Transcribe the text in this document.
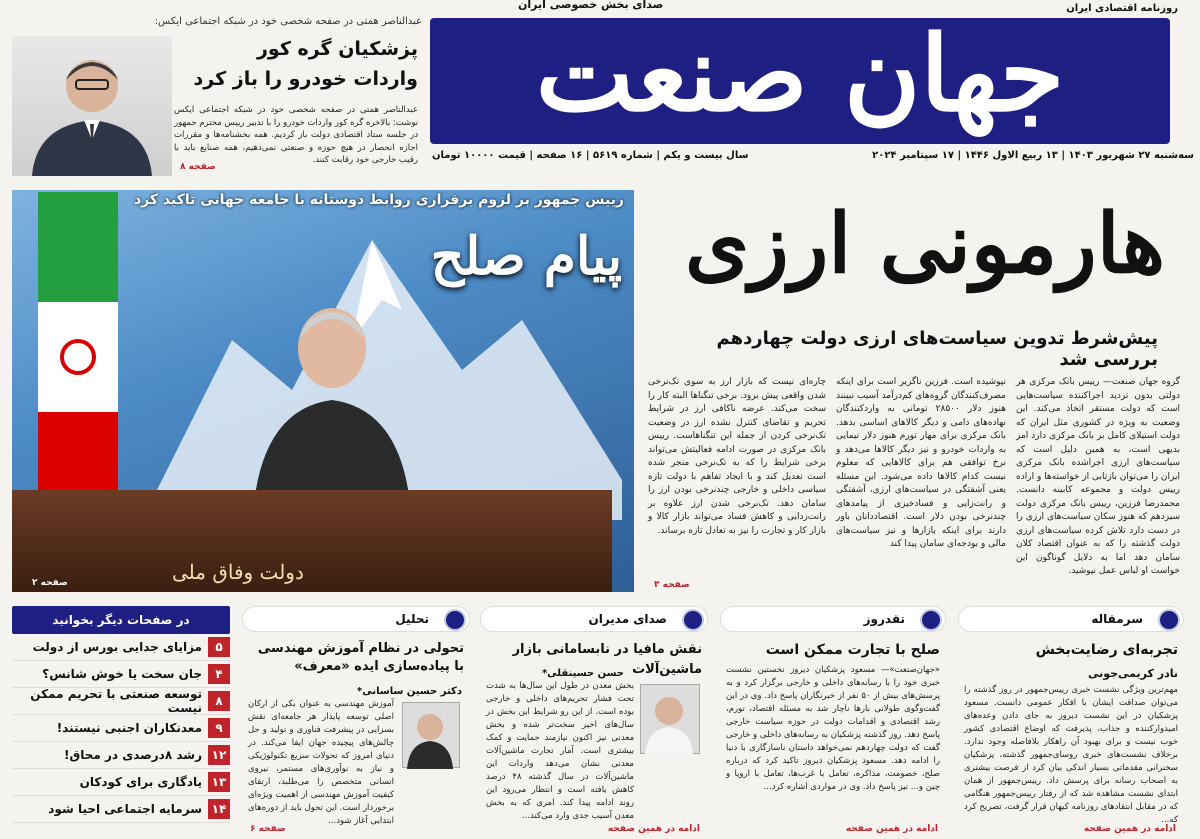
روزنامه اقتصادی ایران
صدای بخش خصوصی ایران
جهان صنعت
سه‌شنبه ۲۷ شهریور ۱۴۰۳ | ۱۳ ربیع الاول ۱۴۴۶ | ۱۷ سپتامبر ۲۰۲۴
سال بیست و یکم | شماره ۵۶۱۹ | ۱۶ صفحه | قیمت ۱۰۰۰۰ تومان
عبدالناصر همتی در صفحه شخصی خود در شبکه اجتماعی ایکس:
پزشکیان گره کور
واردات خودرو را باز کرد
عبدالناصر همتی در صفحه شخصی خود در شبکه اجتماعی ایکس نوشت: بالاخره گره کور واردات خودرو را با تدبیر رییس محترم جمهور در جلسه ستاد اقتصادی دولت باز کردیم. همه بخشنامه‌ها و مقررات اجازه انحصار در هیچ حوزه و صنعتی نمی‌دهیم، همه صنایع باید با رقیب خارجی خود رقابت کنند.
صفحه ۸
رییس جمهور بر لزوم برقراری روابط دوستانه با جامعه جهانی تاکید کرد
پیام صلح
دولت وفاق ملی
صفحه ۲
هارمونی ارزی
پیش‌شرط تدوین سیاست‌های ارزی دولت چهاردهم بررسی شد
گروه جهان صنعت— رییس بانک مرکزی هر دولتی بدون تردید اجراکننده سیاست‌هایی است که دولت مستقر اتخاذ می‌کند. این وضعیت به ویژه در کشوری مثل ایران که دولت استیلای کامل بر بانک مرکزی دارد امر بدیهی است، به همین دلیل است که سیاست‌های ارزی اجراشده بانک مرکزی ایران را می‌توان بازتابی از خواسته‌ها و اراده رییس دولت و مجموعه کابینه دانست. محمدرضا فرزین، رییس بانک مرکزی دولت سیزدهم که هنوز سکان سیاست‌های ارزی را در دست دارد تلاش کرده سیاست‌های ارزی دولت گذشته را که به عنوان اقتصاد کلان سامان دهد اما به دلایل گوناگون این خواست او لباس عمل نپوشید.
نپوشیده است. فرزین ناگزیر است برای اینکه مصرف‌کنندگان گروه‌های کم‌درآمد آسیب نبینند هنوز دلار ۲۸۵۰۰ تومانی به واردکنندگان نهاده‌های دامی و دیگر کالاهای اساسی بدهد. بانک مرکزی برای مهار تورم هنوز دلار نیمایی به واردات خودرو و نیز دیگر کالاها می‌دهد و نرخ توافقی هم برای کالاهایی که معلوم نیست کدام کالاها داده می‌شود. این مسئله یعنی آشفتگی در سیاست‌های ارزی، آشفتگی و رانت‌زایی و فسادخیزی از پیامدهای چندنرخی بودن دلار است. اقتصاددانان باور دارند برای اینکه بازارها و نیز سیاست‌های مالی و بودجه‌ای سامان پیدا کند
چاره‌ای نیست که بازار ارز به سوی تک‌نرخی شدن واقعی پیش برود. برخی تنگناها البته کار را سخت می‌کند. عرضه ناکافی ارز در شرایط تحریم و تقاضای کنترل نشده ارز در وضعیت تک‌نرخی کردن از جمله این تنگناهاست. رییس بانک مرکزی در صورت ادامه فعالیتش می‌تواند برخی شرایط را که به تک‌نرخی منجر شده است تعدیل کند و با ایجاد تفاهم با دولت تازه سیاسی داخلی و خارجی چندنرخی بودن ارز را سامان دهد. تک‌نرخی شدن ارز علاوه بر رانت‌زدایی و کاهش فساد می‌تواند بازار کالا و بازار کار و تجارت را نیز به تعادل تازه برساند.
صفحه ۳
سرمقاله
تجربه‌ای رضایت‌بخش
نادر کریمی‌جونی
مهم‌ترین ویژگی نشست خبری رییس‌جمهور در روز گذشته را می‌توان صداقت ایشان با افکار عمومی دانست. مسعود پزشکیان در این نشست دیروز به جای دادن وعده‌های امیدوارکننده و جذاب، پذیرفت که اوضاع اقتصادی کشور خوب نیست و برای بهبود آن راهکار بلافاصله وجود ندارد. برخلاف نشست‌های خبری روسای‌جمهور گذشته، پزشکیان سخنرانی مقدماتی بسیار اندکی بیان کرد از فرصت بیشتری به اصحاب رسانه برای پرسش داد. رییس‌جمهور از همان ابتدای نشست مشاهده شد که از رفتار رییس‌جمهور هنگامی که در مقابل انتقادهای روزنامه کیهان قرار گرفت، تصریح کرد که...
ادامه در همین صفحه
تقدروز
صلح با تجارت ممکن است
«جهان‌صنعت»— مسعود پزشکیان دیروز نخستین نشست خبری خود را با رسانه‌های داخلی و خارجی برگزار کرد و به پرسش‌های بیش از ۵۰ نفر از خبرنگاران پاسخ داد. وی در این گفت‌وگوی طولانی بارها ناچار شد به مسئله اقتصاد، تورم، رشد اقتصادی و اقدامات دولت در حوزه سیاست خارجی پاسخ دهد. روز گذشته پزشکیان به رسانه‌های داخلی و خارجی گفت که دولت چهاردهم نمی‌خواهد داستان ناسازگاری با دنیا را ادامه دهد. مسعود پزشکیان دیروز تاکید کرد که درباره صلح، خصومت، مذاکره، تعامل با غرب‌ها، تعامل با اروپا و چین و... نیز پاسخ داد. وی در مواردی اشاره کرد...
ادامه در همین صفحه
صدای مدیران
نقش مافیا در نابسامانی بازار ماشین‌آلات
حسن حسینقلی*
بخش معدن در طول این سال‌ها به شدت تحت فشار تحریم‌های داخلی و خارجی بوده است. از این رو شرایط این بخش در سال‌های اخیر سخت‌تر شده و بخش معدنی نیز اکنون نیازمند حمایت و کمک بیشتری است. آمار تجارت ماشین‌آلات معدنی نشان می‌دهد واردات این ماشین‌آلات در سال گذشته ۴۸ درصد کاهش یافته است و انتظار می‌رود این روند ادامه پیدا کند. امری که به بخش معدن آسیب جدی وارد می‌کند...
ادامه در همین صفحه
تحلیل
تحولی در نظام آموزش مهندسی با پیاده‌سازی ایده «معرف»
دکتر حسین ساسانی*
آموزش مهندسی به عنوان یکی از ارکان اصلی توسعه پایدار هر جامعه‌ای نقش بسزایی در پیشرفت فناوری و تولید و حل چالش‌های پیچیده جهان ایفا می‌کند. در دنیای امروز که تحولات سریع تکنولوژیکی و نیاز به نوآوری‌های مستمر، نیروی انسانی متخصص را می‌طلبد، ارتقای کیفیت آموزش مهندسی از اهمیت ویژه‌ای برخوردار است. این تحول باید از دوره‌های ابتدایی آغاز شود...
صفحه ۶
در صفحات دیگر بخوانید
۵
مزایای جدایی بورس از دولت
۴
جان سخت یا خوش شانس؟
۸
توسعه صنعتی با تحریم ممکن نیست
۹
معدنکاران اجنبی نیستند!
۱۲
رشد ۸درصدی در محاق!
۱۳
یادگاری برای کودکان
۱۴
سرمایه اجتماعی احیا شود
